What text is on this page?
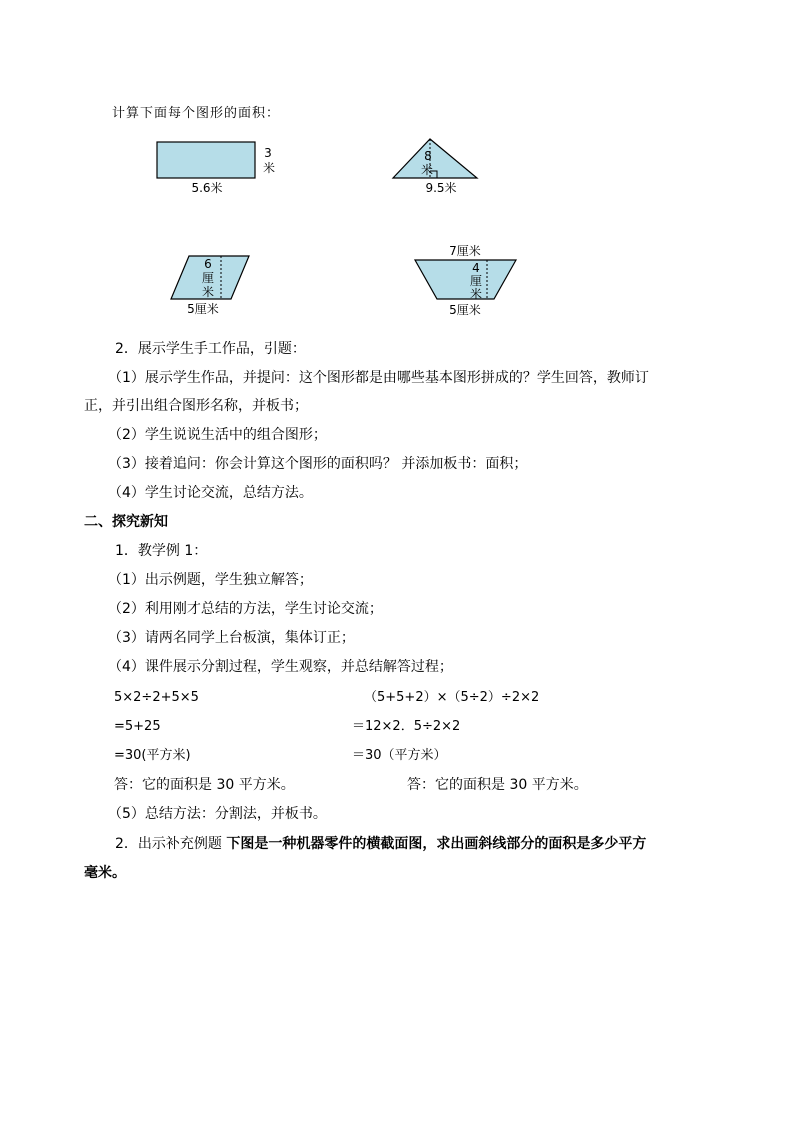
计算下面每个图形的面积：
3
米
5.6米
8
米
9.5米
6
厘
米
5厘米
7厘米
4
厘
米
5厘米
2．展示学生手工作品，引题：
（1）展示学生作品，并提问：这个图形都是由哪些基本图形拼成的？学生回答，教师订
正，并引出组合图形名称，并板书；
（2）学生说说生活中的组合图形；
（3）接着追问：你会计算这个图形的面积吗？ 并添加板书：面积；
（4）学生讨论交流，总结方法。
二、探究新知
1．教学例 1：
（1）出示例题，学生独立解答；
（2）利用刚才总结的方法，学生讨论交流；
（3）请两名同学上台板演，集体订正；
（4）课件展示分割过程，学生观察，并总结解答过程；
5×2÷2+5×5
=5+25
=30(平方米)
（5+5+2）×（5÷2）÷2×2
＝12×2．5÷2×2
＝30（平方米）
答：它的面积是 30 平方米。	答：它的面积是 30 平方米。
（5）总结方法：分割法，并板书。
2．出示补充例题 下图是一种机器零件的横截面图，求出画斜线部分的面积是多少平方
毫米。
